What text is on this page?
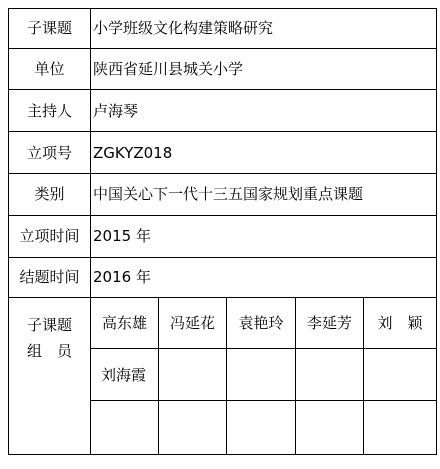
子课题	小学班级文化构建策略研究				
单位	陕西省延川县城关小学				
主持人	卢海琴				
立项号	ZGKYZ018				
类别	中国关心下一代十三五国家规划重点课题				
立项时间	2015 年				
结题时间	2016 年				

子课题
组　员	高东雄	冯延花	袁艳玲	李延芳	刘　颖
	刘海霞				
